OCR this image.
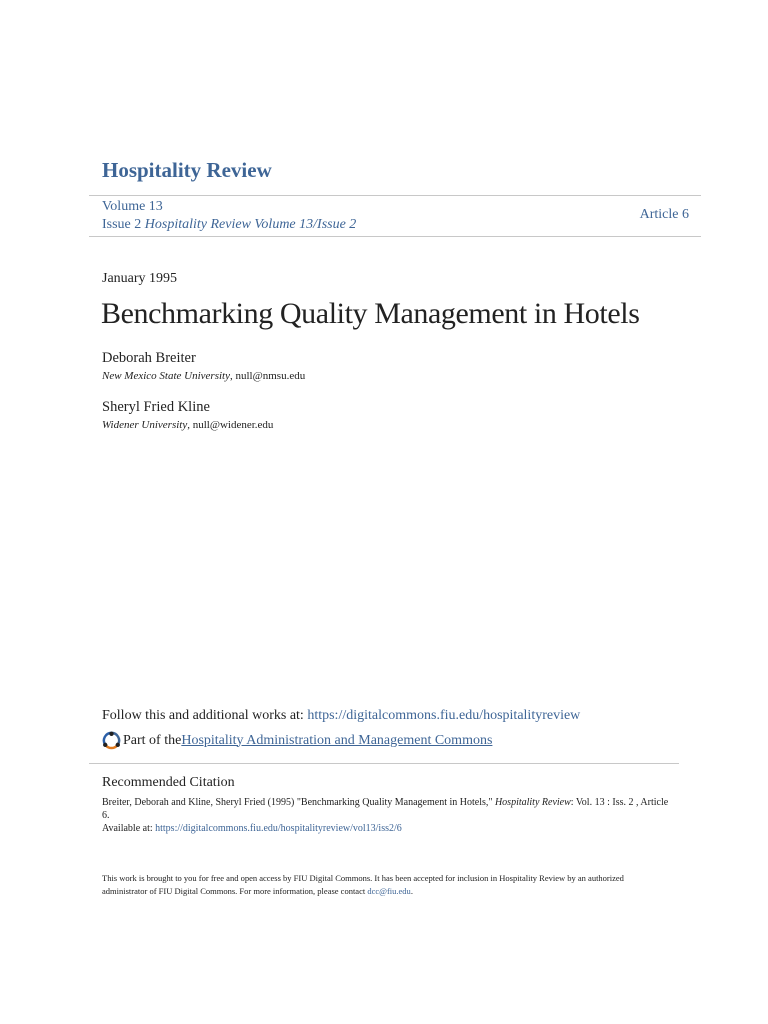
Hospitality Review
Volume 13
Issue 2 Hospitality Review Volume 13/Issue 2
Article 6
January 1995
Benchmarking Quality Management in Hotels
Deborah Breiter
New Mexico State University, null@nmsu.edu
Sheryl Fried Kline
Widener University, null@widener.edu
Follow this and additional works at: https://digitalcommons.fiu.edu/hospitalityreview
Part of the Hospitality Administration and Management Commons
Recommended Citation
Breiter, Deborah and Kline, Sheryl Fried (1995) "Benchmarking Quality Management in Hotels," Hospitality Review: Vol. 13 : Iss. 2 , Article 6.
Available at: https://digitalcommons.fiu.edu/hospitalityreview/vol13/iss2/6
This work is brought to you for free and open access by FIU Digital Commons. It has been accepted for inclusion in Hospitality Review by an authorized administrator of FIU Digital Commons. For more information, please contact dcc@fiu.edu.
